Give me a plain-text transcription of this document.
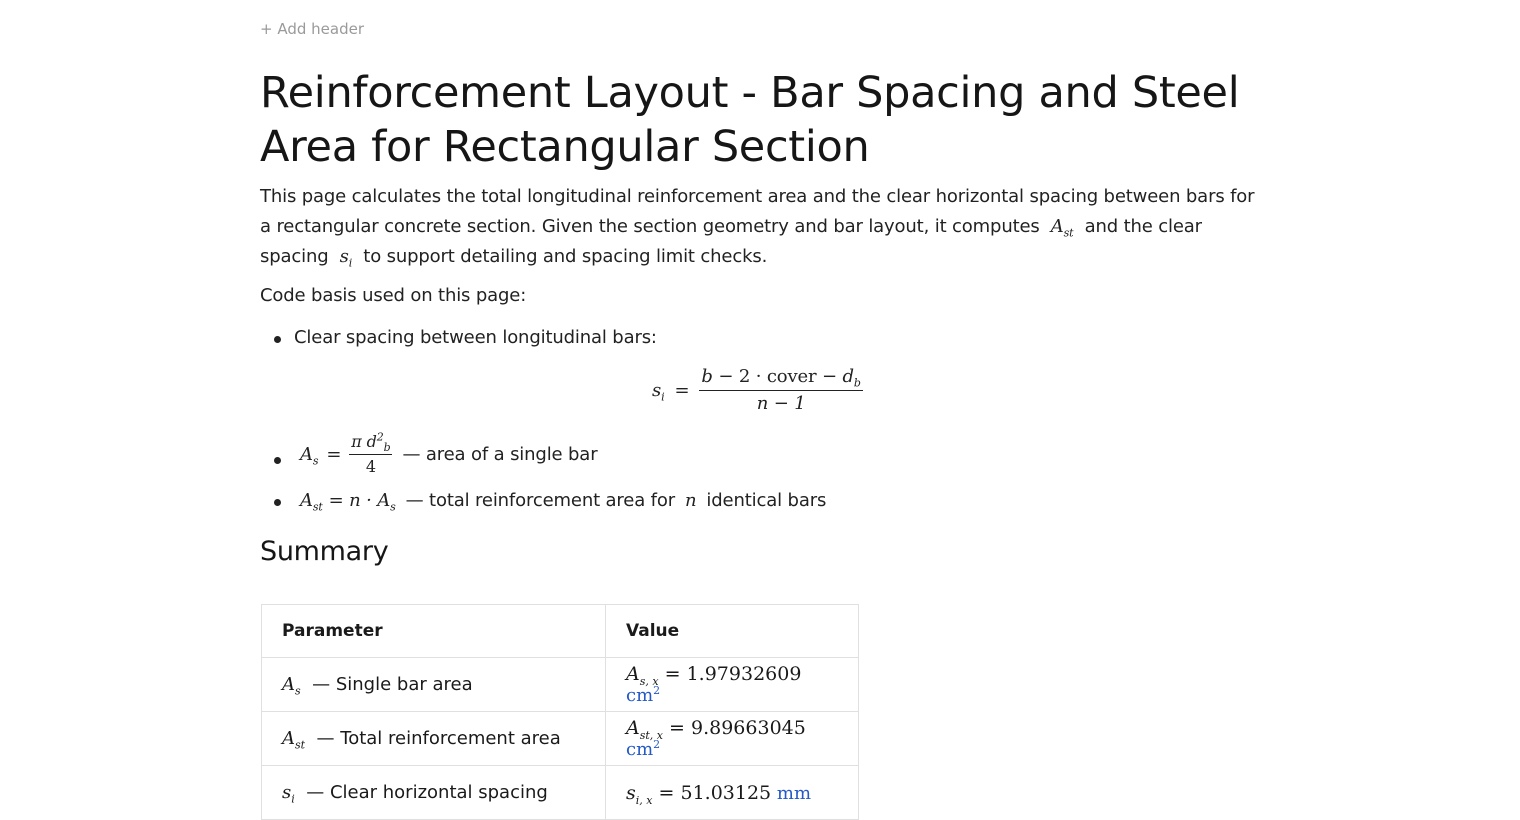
+ Add header
Reinforcement Layout - Bar Spacing and Steel Area for Rectangular Section
This page calculates the total longitudinal reinforcement area and the clear horizontal spacing between bars for a rectangular concrete section. Given the section geometry and bar layout, it computes $A_{st}$ and the clear spacing $s_i$ to support detailing and spacing limit checks.
Code basis used on this page:
Clear spacing between longitudinal bars:
$s_i = \frac{b - 2 \cdot cover - d_b}{n - 1}$
$A_s = \frac{\pi d^2_b}{4}$ — area of a single bar
$A_{st} = n \cdot A_s$ — total reinforcement area for n identical bars
Summary
Parameter	Value
$A_s$ — Single bar area	$A_{s, x} = 1.97932609$ $cm^2$
$A_{st}$ — Total reinforcement area	$A_{st, x} = 9.89663045$ $cm^2$
$s_i$ — Clear horizontal spacing	$s_{i, x} = 51.03125$ mm
